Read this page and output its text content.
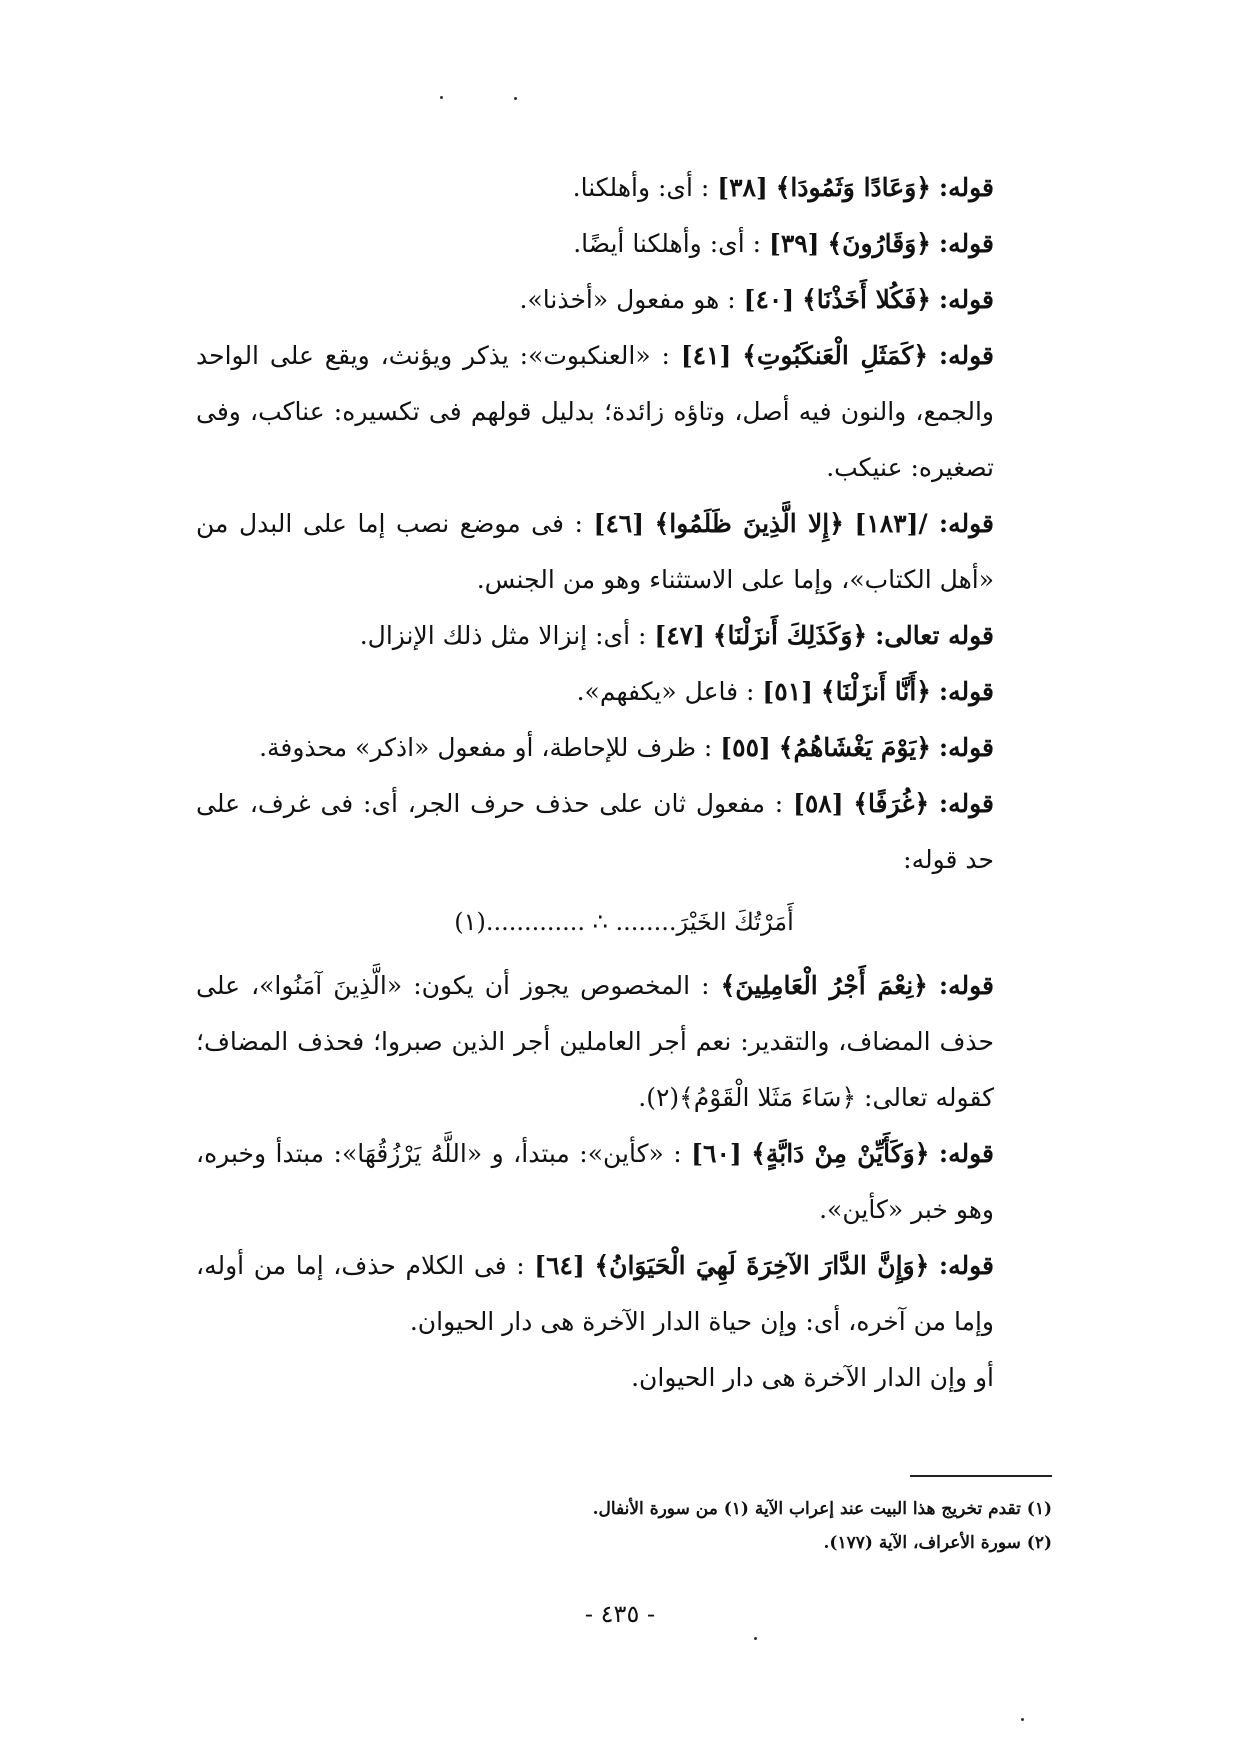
قوله: ﴿وَعَادًا وَثَمُودَا﴾ [٣٨] : أى: وأهلكنا.

قوله: ﴿وَقَارُونَ﴾ [٣٩] : أى: وأهلكنا أيضًا.

قوله: ﴿فَكُلا أَخَذْنَا﴾ [٤٠] : هو مفعول «أخذنا».

قوله: ﴿كَمَثَلِ الْعَنكَبُوتِ﴾ [٤١] : «العنكبوت»: يذكر ويؤنث، ويقع على الواحد والجمع، والنون فيه أصل، وتاؤه زائدة؛ بدليل قولهم فى تكسيره: عناكب، وفى تصغيره: عنيكب.

قوله: /[١٨٣] ﴿إِلا الَّذِينَ ظَلَمُوا﴾ [٤٦] : فى موضع نصب إما على البدل من «أهل الكتاب»، وإما على الاستثناء وهو من الجنس.

قوله تعالى: ﴿وَكَذَلِكَ أَنزَلْنَا﴾ [٤٧] : أى: إنزالا مثل ذلك الإنزال.

قوله: ﴿أَنَّا أَنزَلْنَا﴾ [٥١] : فاعل «يكفهم».

قوله: ﴿يَوْمَ يَغْشَاهُمُ﴾ [٥٥] : ظرف للإحاطة، أو مفعول «اذكر» محذوفة.

قوله: ﴿غُرَفًا﴾ [٥٨] : مفعول ثان على حذف حرف الجر، أى: فى غرف، على حد قوله:

أَمَرْتُكَ الخَيْرَ........ ∴ .............(١)

قوله: ﴿نِعْمَ أَجْرُ الْعَامِلِينَ﴾ : المخصوص يجوز أن يكون: «الَّذِينَ آمَنُوا»، على حذف المضاف، والتقدير: نعم أجر العاملين أجر الذين صبروا؛ فحذف المضاف؛ كقوله تعالى: ﴿سَاءَ مَثَلا الْقَوْمُ﴾(٢).

قوله: ﴿وَكَأَيِّنْ مِنْ دَابَّةٍ﴾ [٦٠] : «كأين»: مبتدأ، و «اللَّهُ يَرْزُقُهَا»: مبتدأ وخبره، وهو خبر «كأين».

قوله: ﴿وَإِنَّ الدَّارَ الآخِرَةَ لَهِيَ الْحَيَوَانُ﴾ [٦٤] : فى الكلام حذف، إما من أوله، وإما من آخره، أى: وإن حياة الدار الآخرة هى دار الحيوان.

أو وإن الدار الآخرة هى دار الحيوان.

(١) تقدم تخريج هذا البيت عند إعراب الآية (١) من سورة الأنفال.

(٢) سورة الأعراف، الآية (١٧٧).

- ٤٣٥ -
